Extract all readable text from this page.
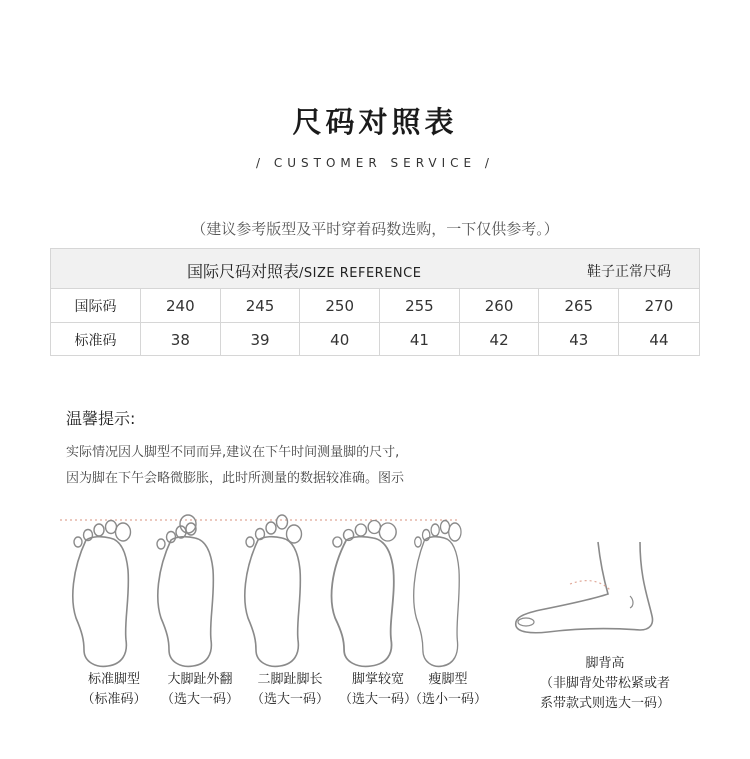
尺码对照表
/ CUSTOMER SERVICE /
（建议参考版型及平时穿着码数选购，一下仅供参考。）
国际尺码对照表/SIZE REFERENCE	鞋子正常尺码
国际码	240	245	250	255	260	265	270
标准码	38	39	40	41	42	43	44
温馨提示:
实际情况因人脚型不同而异,建议在下午时间测量脚的尺寸,
因为脚在下午会略微膨胀，此时所测量的数据较准确。图示
标准脚型
（标准码）
大脚趾外翻
（选大一码）
二脚趾脚长
（选大一码）
脚掌较宽
（选大一码）
瘦脚型
（选小一码）
脚背高
（非脚背处带松紧或者
系带款式则选大一码）
